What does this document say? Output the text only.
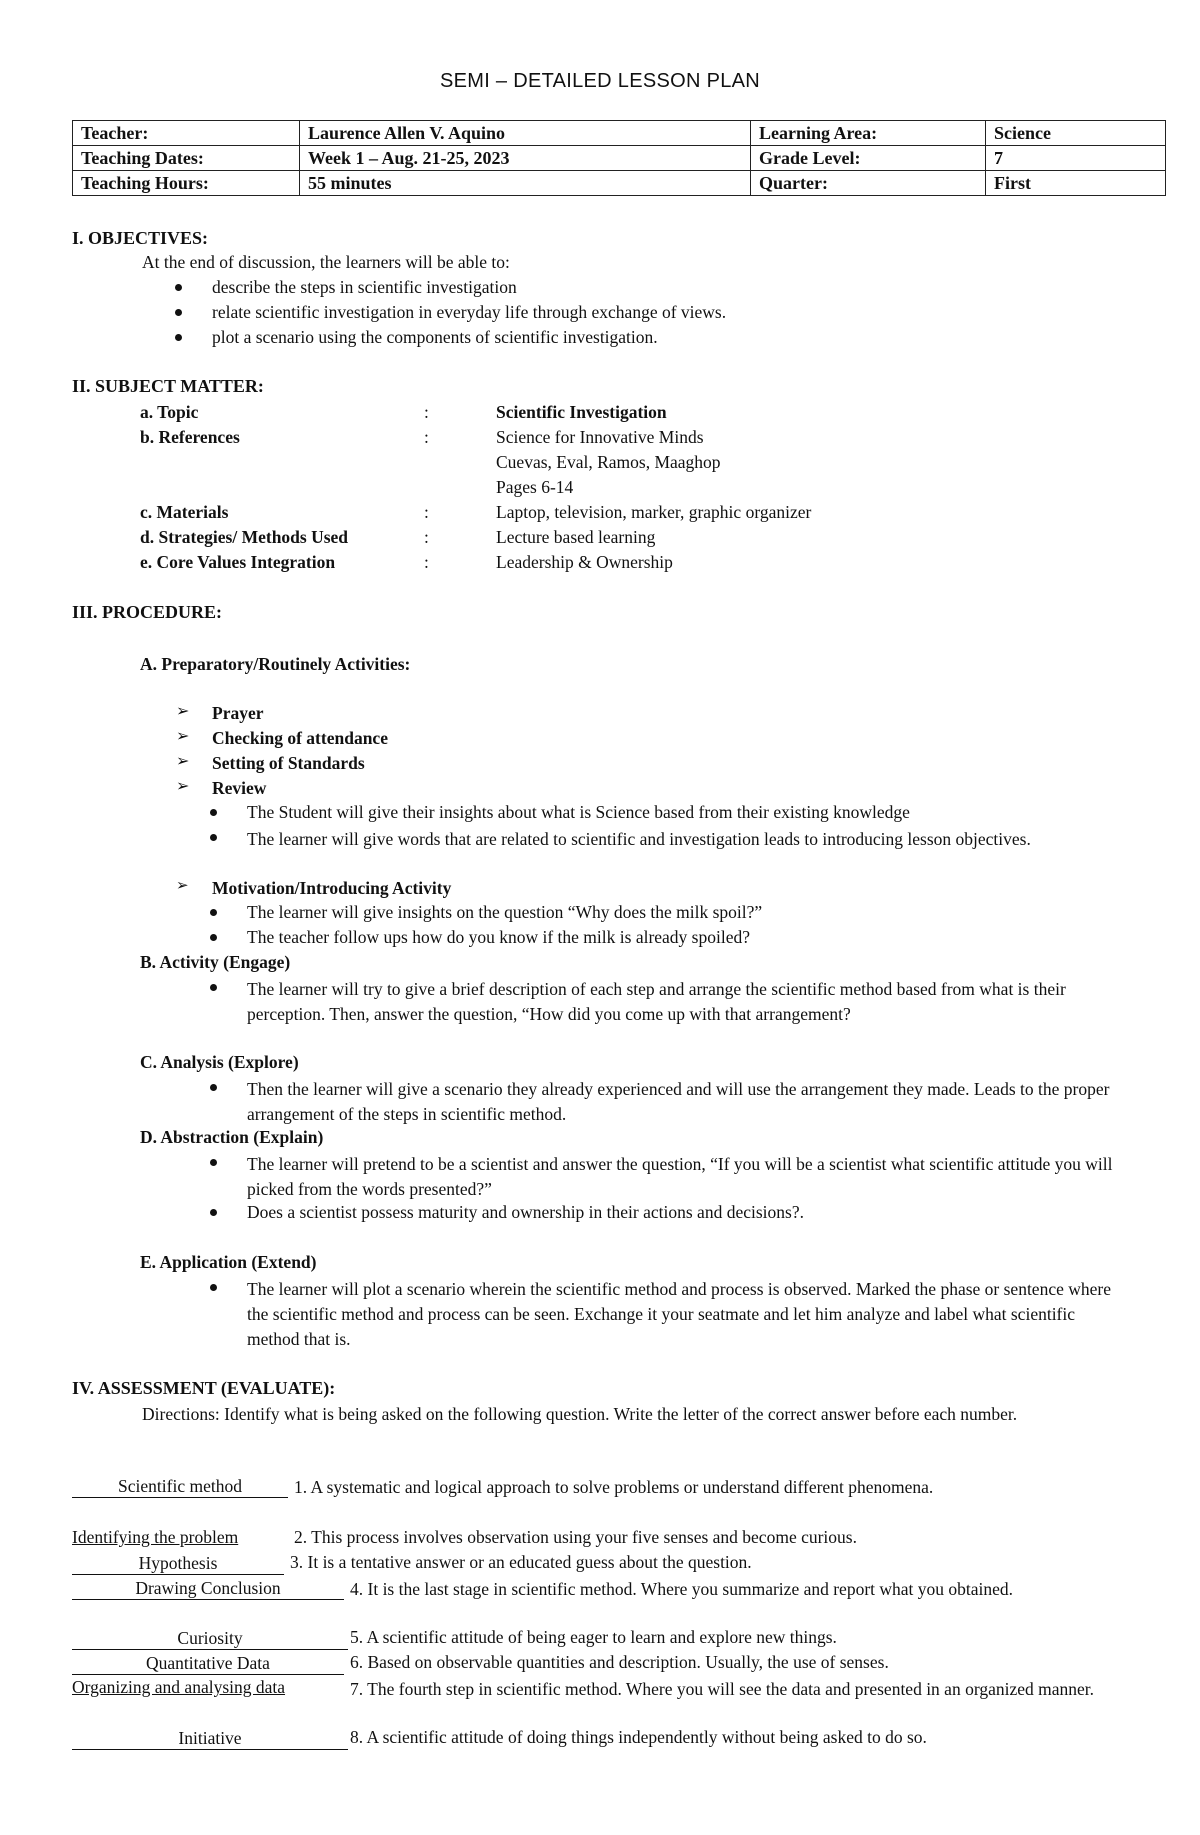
SEMI – DETAILED LESSON PLAN
Teacher:	Laurence Allen V. Aquino	Learning Area:	Science
Teaching Dates:	Week 1 – Aug. 21-25, 2023	Grade Level:	7
Teaching Hours:	55 minutes	Quarter:	First
I. OBJECTIVES:
At the end of discussion, the learners will be able to:
describe the steps in scientific investigation
relate scientific investigation in everyday life through exchange of views.
plot a scenario using the components of scientific investigation.
II. SUBJECT MATTER:
a. Topic	:	Scientific Investigation
b. References	:	Science for Innovative Minds
Cuevas, Eval, Ramos, Maaghop
Pages 6-14
c. Materials	:	Laptop, television, marker, graphic organizer
d. Strategies/ Methods Used	:	Lecture based learning
e. Core Values Integration	:	Leadership & Ownership
III. PROCEDURE:
A. Preparatory/Routinely Activities:
➢ Prayer
➢ Checking of attendance
➢ Setting of Standards
➢ Review
The Student will give their insights about what is Science based from their existing knowledge
The learner will give words that are related to scientific and investigation leads to introducing lesson objectives.
➢ Motivation/Introducing Activity
The learner will give insights on the question “Why does the milk spoil?”
The teacher follow ups how do you know if the milk is already spoiled?
B. Activity (Engage)
The learner will try to give a brief description of each step and arrange the scientific method based from what is their perception. Then, answer the question, “How did you come up with that arrangement?
C. Analysis (Explore)
Then the learner will give a scenario they already experienced and will use the arrangement they made. Leads to the proper arrangement of the steps in scientific method.
D. Abstraction (Explain)
The learner will pretend to be a scientist and answer the question, “If you will be a scientist what scientific attitude you will picked from the words presented?”
Does a scientist possess maturity and ownership in their actions and decisions?.
E. Application (Extend)
The learner will plot a scenario wherein the scientific method and process is observed. Marked the phase or sentence where the scientific method and process can be seen. Exchange it your seatmate and let him analyze and label what scientific method that is.
IV. ASSESSMENT (EVALUATE):
Directions: Identify what is being asked on the following question. Write the letter of the correct answer before each number.
Scientific method	1. A systematic and logical approach to solve problems or understand different phenomena.
Identifying the problem	2. This process involves observation using your five senses and become curious.
Hypothesis	3. It is a tentative answer or an educated guess about the question.
Drawing Conclusion	4. It is the last stage in scientific method. Where you summarize and report what you obtained.
Curiosity	5. A scientific attitude of being eager to learn and explore new things.
Quantitative Data	6. Based on observable quantities and description. Usually, the use of senses.
Organizing and analysing data	7. The fourth step in scientific method. Where you will see the data and presented in an organized manner.
Initiative	8. A scientific attitude of doing things independently without being asked to do so.
